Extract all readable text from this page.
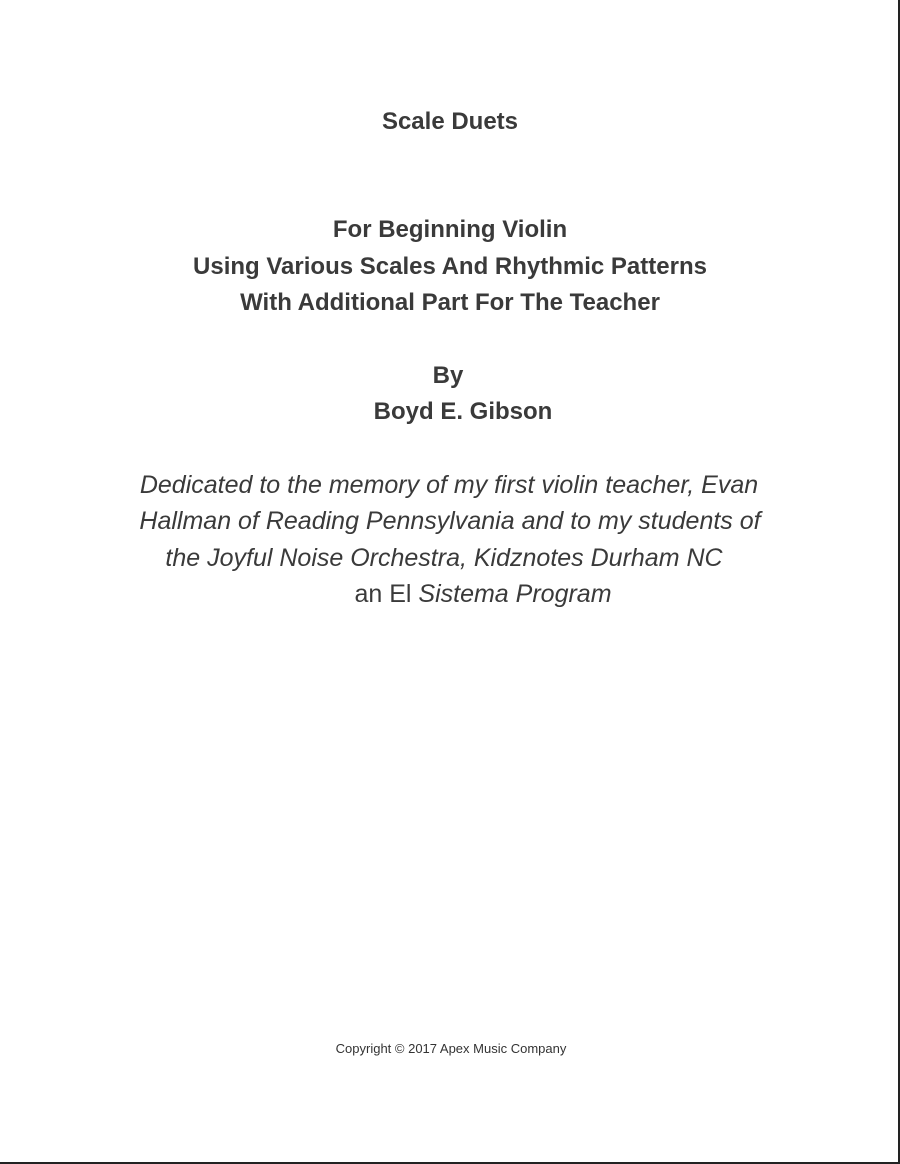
Scale Duets
For Beginning Violin
Using Various Scales And Rhythmic Patterns
With Additional Part For The Teacher
By
Boyd E. Gibson
Dedicated to the memory of my first violin teacher, Evan
Hallman of Reading Pennsylvania and to my students of
the Joyful Noise Orchestra, Kidznotes Durham NC
an El Sistema Program
Copyright © 2017 Apex Music Company
